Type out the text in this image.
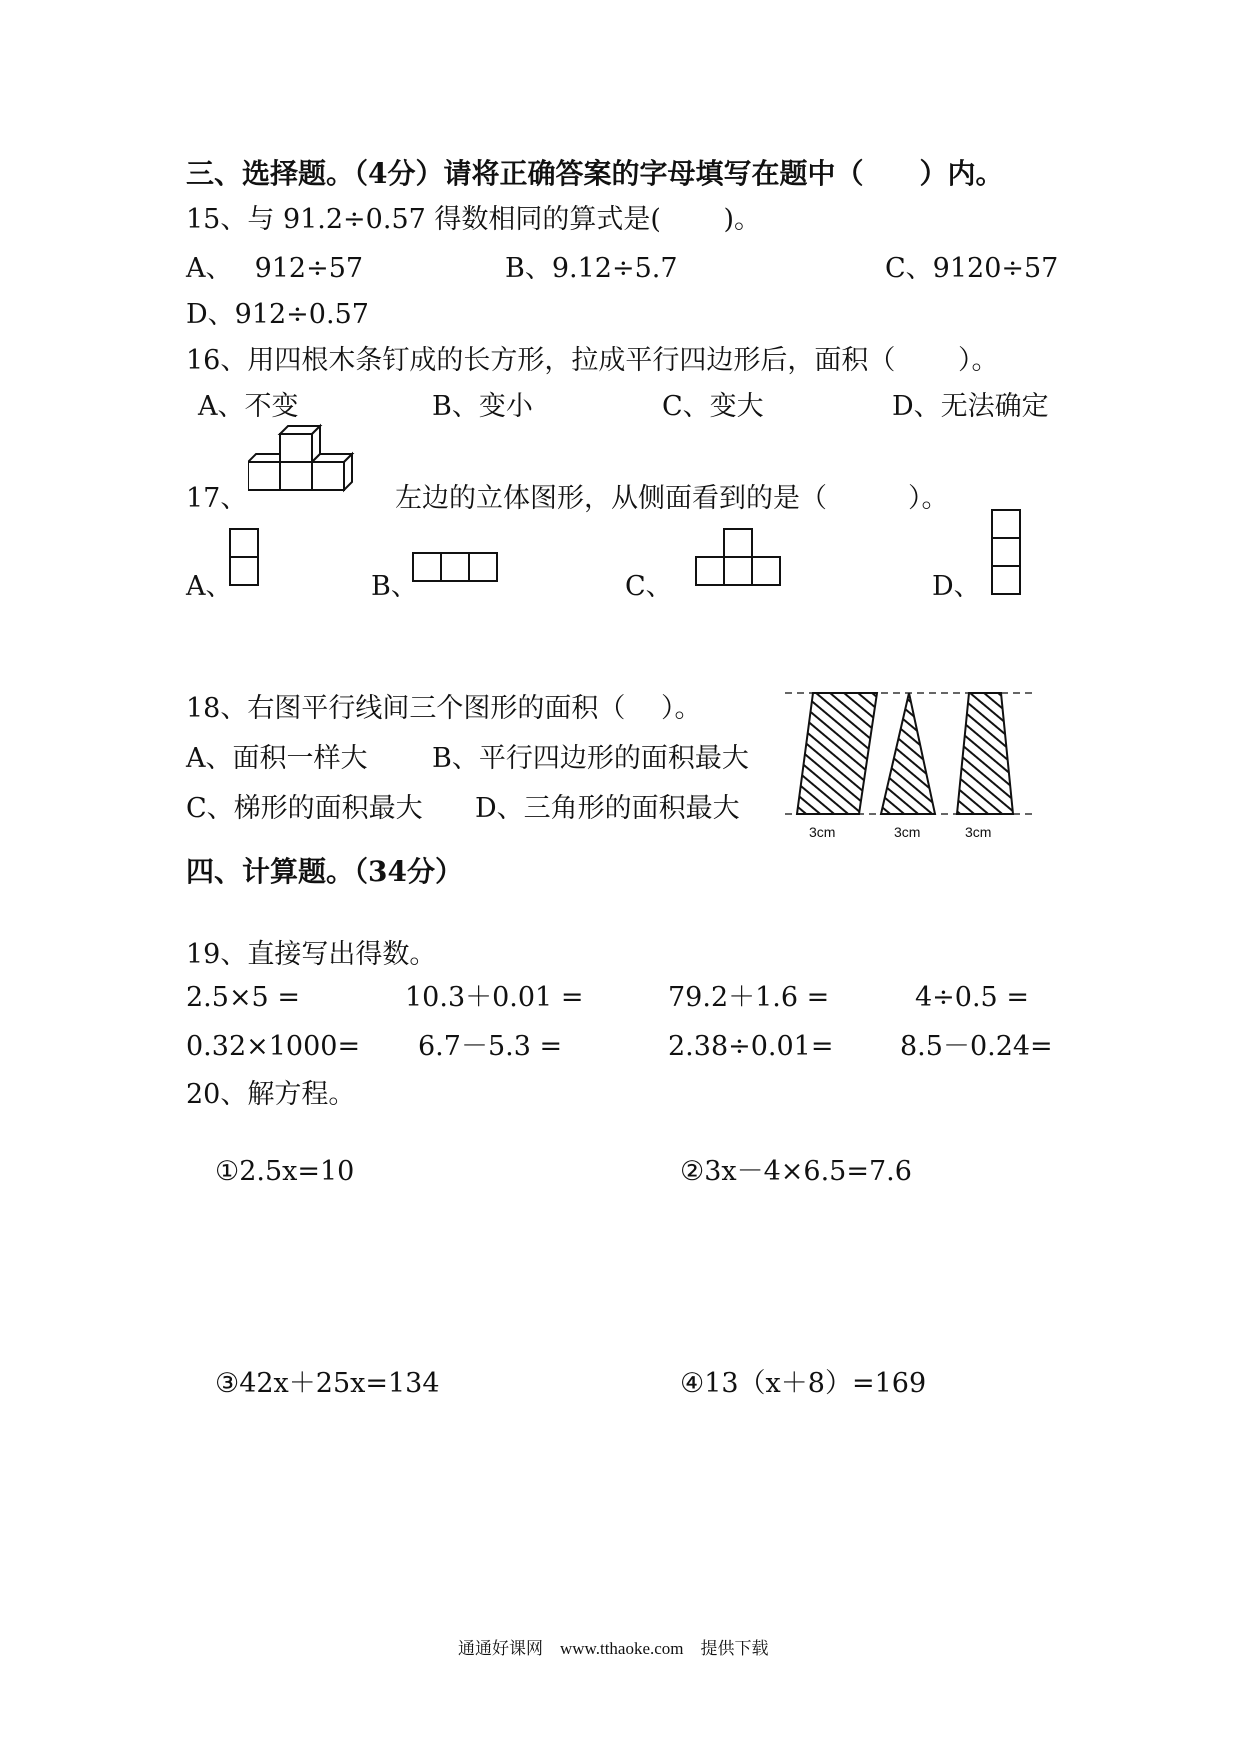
三、选择题。（4分）请将正确答案的字母填写在题中（　　）内。
15、与 91.2÷0.57 得数相同的算式是(　　 )。
A、　 912÷57	B、9.12÷5.7	C、9120÷57
D、912÷0.57
16、用四根木条钉成的长方形，拉成平行四边形后，面积（　　 ）。
A、不变	B、变小	C、变大	D、无法确定
17、	左边的立体图形，从侧面看到的是（　　　）。
A、	B、	C、	D、
18、右图平行线间三个图形的面积（　 ）。
A、面积一样大 B、平行四边形的面积最大
C、梯形的面积最大 D、三角形的面积最大
3cm	3cm	3cm
四、计算题。（34分）
19、直接写出得数。
2.5×5 =	10.3＋0.01 =	79.2＋1.6 =	4÷0.5 =
0.32×1000= 6.7－5.3 =	2.38÷0.01= 8.5－0.24=
20、解方程。
①2.5x=10	②3x－4×6.5=7.6
③42x＋25x=134	④13（x＋8）=169
通通好课网　www.tthaoke.com　提供下载
